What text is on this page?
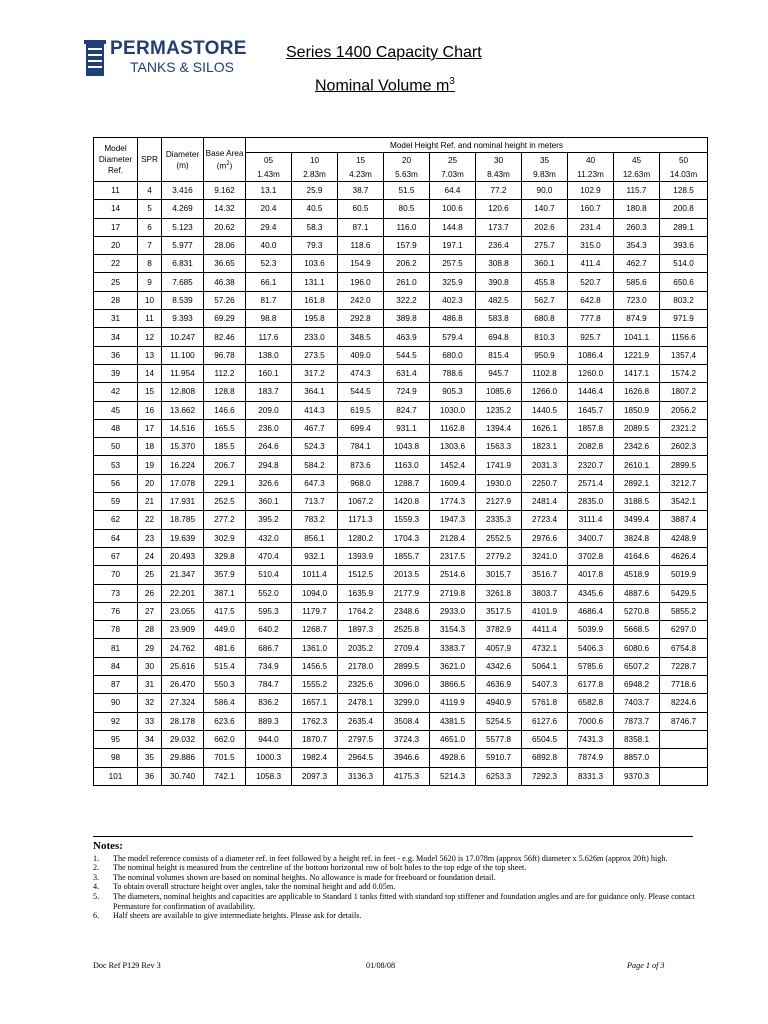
PERMASTORE
TANKS & SILOS
Series 1400 Capacity Chart
Nominal Volume $m^3$
Model Diameter Ref.	SPR	Diameter (m)	Base Area $(m^2)$	Model Height Ref. and nominal height in meters									
				05	10	15	20	25	30	35	40	45	50
				1.43m	2.83m	4.23m	5.63m	7.03m	8.43m	9.83m	11.23m	12.63m	14.03m
11	4	3.416	9.162	13.1	25.9	38.7	51.5	64.4	77.2	90.0	102.9	115.7	128.5
14	5	4.269	14.32	20.4	40.5	60.5	80.5	100.6	120.6	140.7	160.7	180.8	200.8
17	6	5.123	20.62	29.4	58.3	87.1	116.0	144.8	173.7	202.6	231.4	260.3	289.1
20	7	5.977	28.06	40.0	79.3	118.6	157.9	197.1	236.4	275.7	315.0	354.3	393.6
22	8	6.831	36.65	52.3	103.6	154.9	206.2	257.5	308.8	360.1	411.4	462.7	514.0
25	9	7.685	46.38	66.1	131.1	196.0	261.0	325.9	390.8	455.8	520.7	585.6	650.6
28	10	8.539	57.26	81.7	161.8	242.0	322.2	402.3	482.5	562.7	642.8	723.0	803.2
31	11	9.393	69.29	98.8	195.8	292.8	389.8	486.8	583.8	680.8	777.8	874.9	971.9
34	12	10.247	82.46	117.6	233.0	348.5	463.9	579.4	694.8	810.3	925.7	1041.1	1156.6
36	13	11.100	96.78	138.0	273.5	409.0	544.5	680.0	815.4	950.9	1086.4	1221.9	1357.4
39	14	11.954	112.2	160.1	317.2	474.3	631.4	788.6	945.7	1102.8	1260.0	1417.1	1574.2
42	15	12.808	128.8	183.7	364.1	544.5	724.9	905.3	1085.6	1266.0	1446.4	1626.8	1807.2
45	16	13.662	146.6	209.0	414.3	619.5	824.7	1030.0	1235.2	1440.5	1645.7	1850.9	2056.2
48	17	14.516	165.5	236.0	467.7	699.4	931.1	1162.8	1394.4	1626.1	1857.8	2089.5	2321.2
50	18	15.370	185.5	264.6	524.3	784.1	1043.8	1303.6	1563.3	1823.1	2082.8	2342.6	2602.3
53	19	16.224	206.7	294.8	584.2	873.6	1163.0	1452.4	1741.9	2031.3	2320.7	2610.1	2899.5
56	20	17.078	229.1	326.6	647.3	968.0	1288.7	1609.4	1930.0	2250.7	2571.4	2892.1	3212.7
59	21	17.931	252.5	360.1	713.7	1067.2	1420.8	1774.3	2127.9	2481.4	2835.0	3188.5	3542.1
62	22	18.785	277.2	395.2	783.2	1171.3	1559.3	1947.3	2335.3	2723.4	3111.4	3499.4	3887.4
64	23	19.639	302.9	432.0	856.1	1280.2	1704.3	2128.4	2552.5	2976.6	3400.7	3824.8	4248.9
67	24	20.493	329.8	470.4	932.1	1393.9	1855.7	2317.5	2779.2	3241.0	3702.8	4164.6	4626.4
70	25	21.347	357.9	510.4	1011.4	1512.5	2013.5	2514.6	3015.7	3516.7	4017.8	4518.9	5019.9
73	26	22.201	387.1	552.0	1094.0	1635.9	2177.9	2719.8	3261.8	3803.7	4345.6	4887.6	5429.5
76	27	23.055	417.5	595.3	1179.7	1764.2	2348.6	2933.0	3517.5	4101.9	4686.4	5270.8	5855.2
78	28	23.909	449.0	640.2	1268.7	1897.3	2525.8	3154.3	3782.9	4411.4	5039.9	5668.5	6297.0
81	29	24.762	481.6	686.7	1361.0	2035.2	2709.4	3383.7	4057.9	4732.1	5406.3	6080.6	6754.8
84	30	25.616	515.4	734.9	1456.5	2178.0	2899.5	3621.0	4342.6	5064.1	5785.6	6507.2	7228.7
87	31	26.470	550.3	784.7	1555.2	2325.6	3096.0	3866.5	4636.9	5407.3	6177.8	6948.2	7718.6
90	32	27.324	586.4	836.2	1657.1	2478.1	3299.0	4119.9	4940.9	5761.8	6582.8	7403.7	8224.6
92	33	28.178	623.6	889.3	1762.3	2635.4	3508.4	4381.5	5254.5	6127.6	7000.6	7873.7	8746.7
95	34	29.032	662.0	944.0	1870.7	2797.5	3724.3	4651.0	5577.8	6504.5	7431.3	8358.1	
98	35	29.886	701.5	1000.3	1982.4	2964.5	3946.6	4928.6	5910.7	6892.8	7874.9	8857.0	
101	36	30.740	742.1	1058.3	2097.3	3136.3	4175.3	5214.3	6253.3	7292.3	8331.3	9370.3	
Notes:
1.	The model reference consists of a diameter ref. in feet followed by a height ref. in feet - e.g. Model 5620 is 17.078m (approx 56ft) diameter x 5.626m (approx 20ft) high.
2.	The nominal height is measured from the centreline of the bottom horizontal row of bolt holes to the top edge of the top sheet.
3.	The nominal volumes shown are based on nominal heights. No allowance is made for freeboard or foundation detail.
4.	To obtain overall structure height over angles, take the nominal height and add 0.05m.
5.	The diameters, nominal heights and capacities are applicable to Standard 1 tanks fitted with standard top stiffener and foundation angles and are for guidance only. Please contact Permastore for confirmation of availability.
6.	Half sheets are available to give intermediate heights. Please ask for details.
Doc Ref P129 Rev 3	01/08/08	Page 1 of 3
